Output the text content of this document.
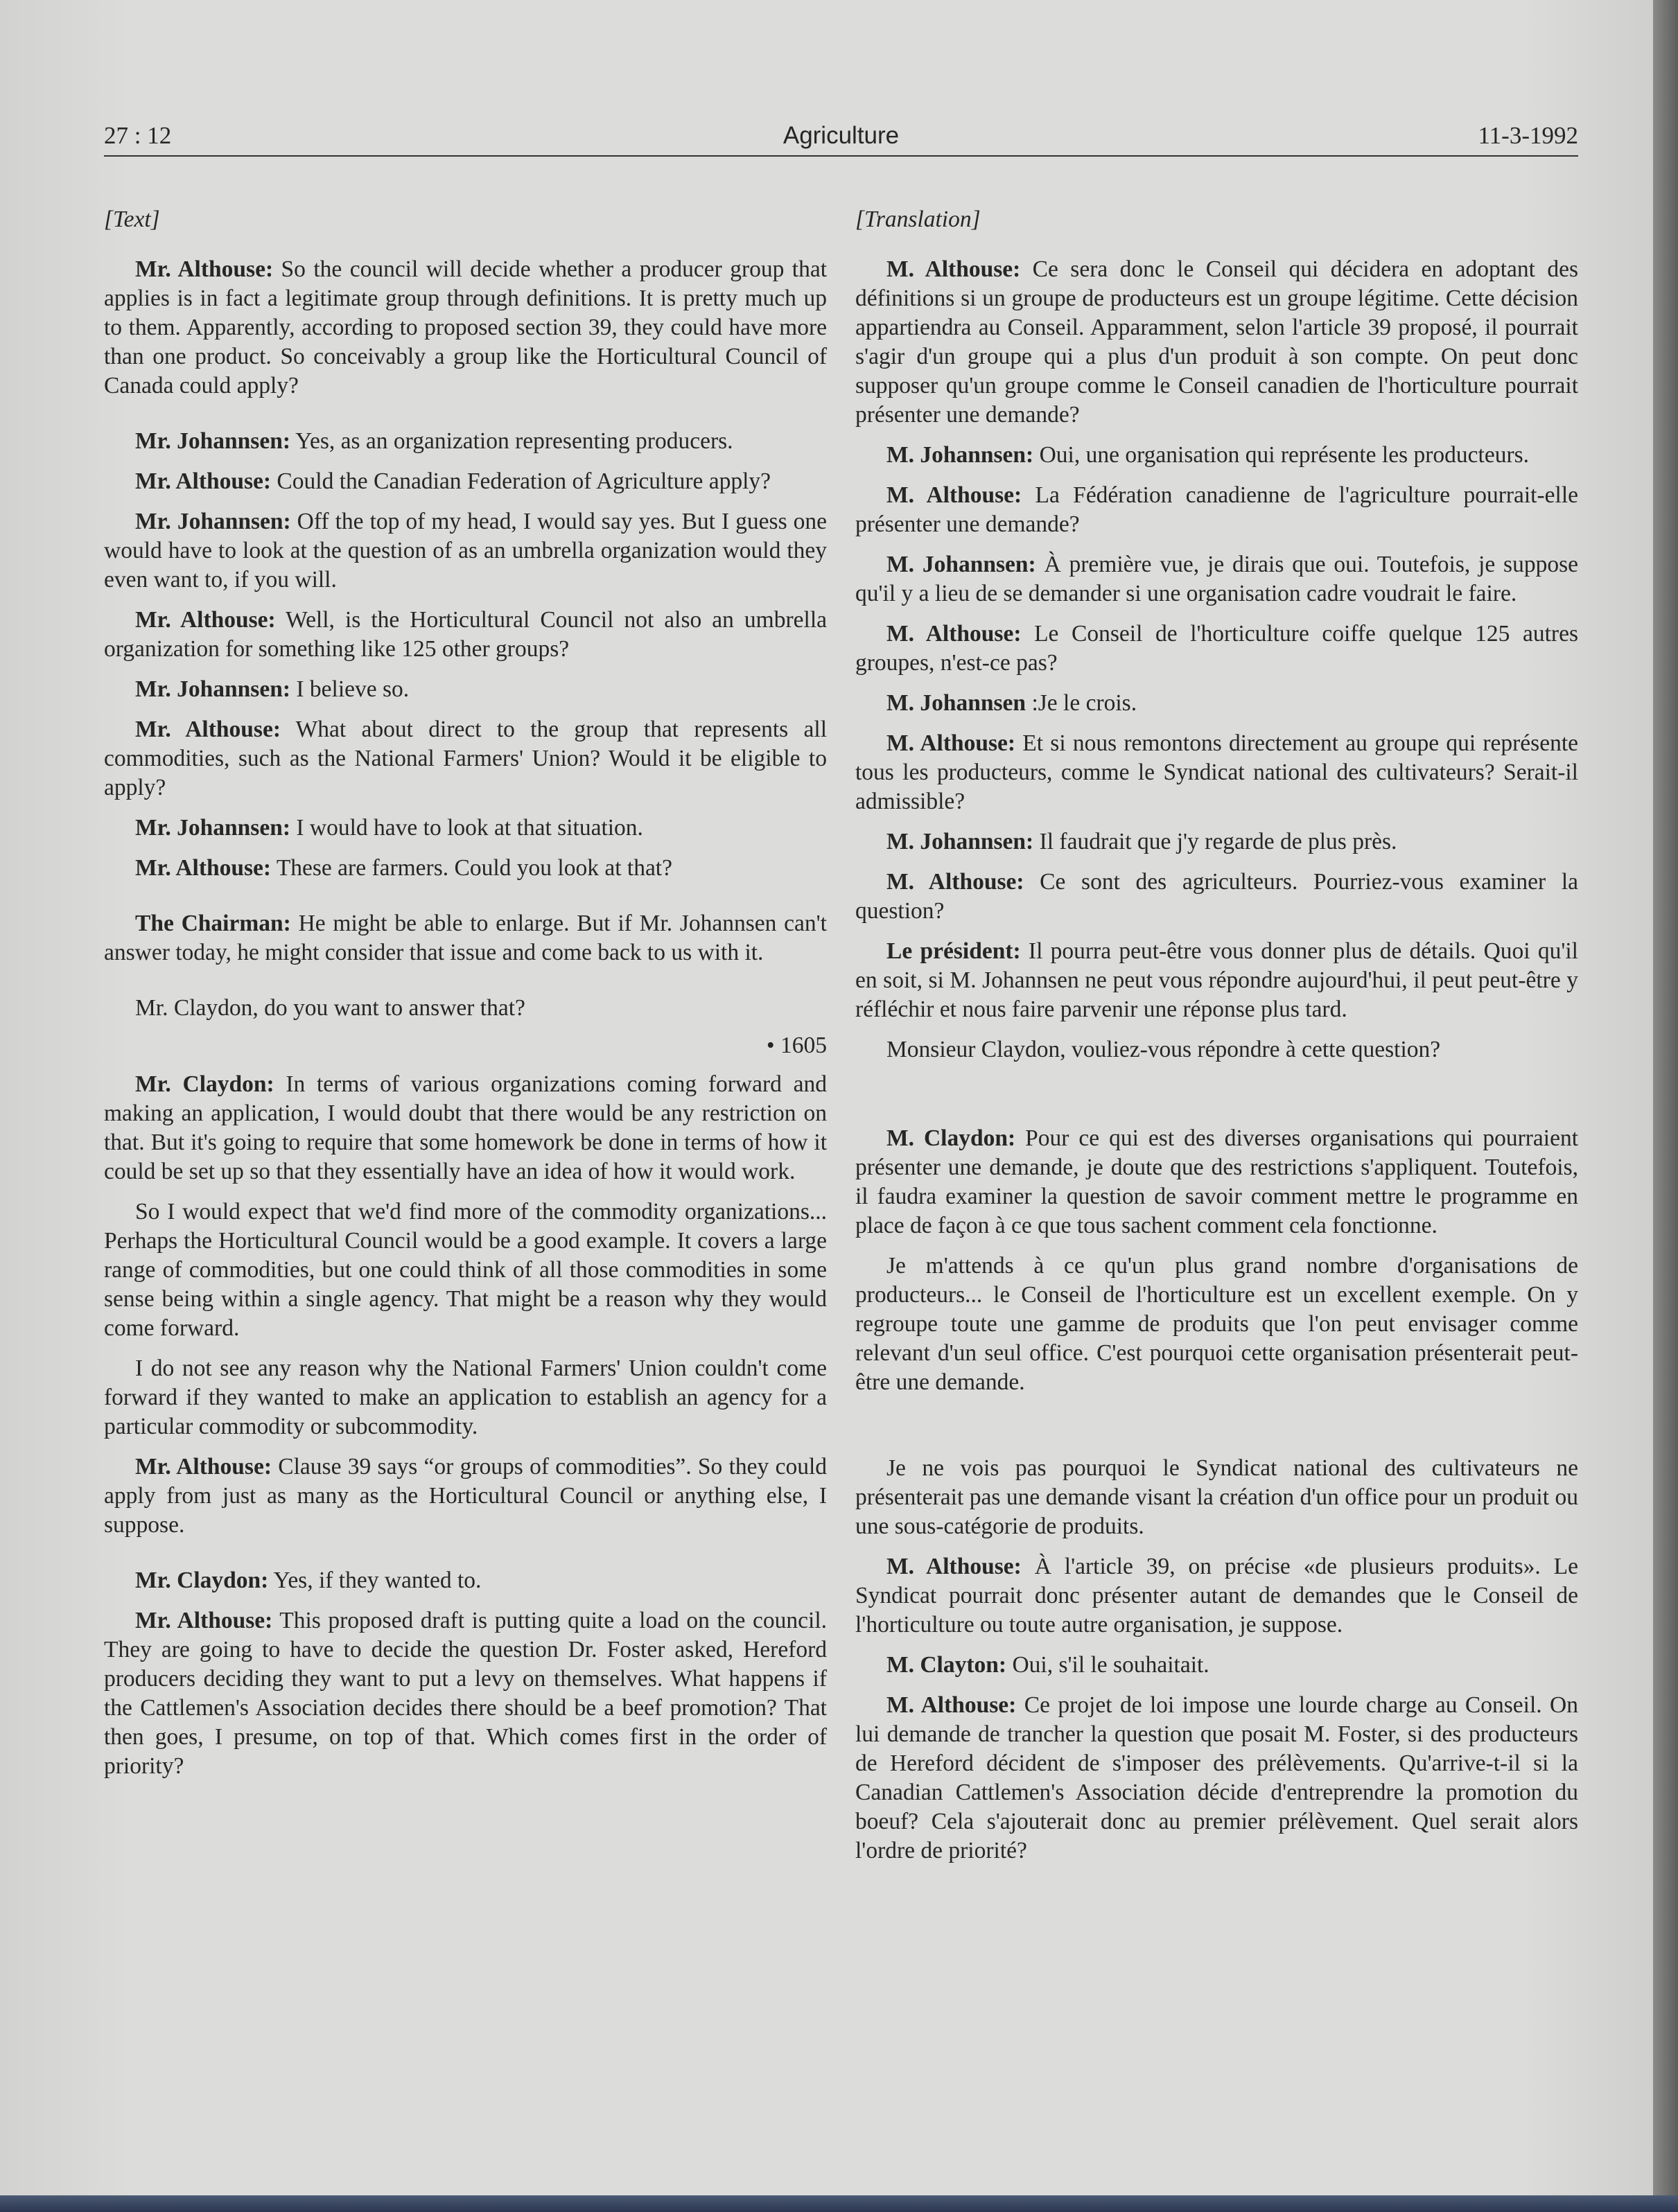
27 : 12	Agriculture	11-3-1992
[Text]
Mr. Althouse: So the council will decide whether a producer group that applies is in fact a legitimate group through definitions. It is pretty much up to them. Apparently, according to proposed section 39, they could have more than one product. So conceivably a group like the Horticultural Council of Canada could apply?
Mr. Johannsen: Yes, as an organization representing producers.
Mr. Althouse: Could the Canadian Federation of Agriculture apply?
Mr. Johannsen: Off the top of my head, I would say yes. But I guess one would have to look at the question of as an umbrella organization would they even want to, if you will.
Mr. Althouse: Well, is the Horticultural Council not also an umbrella organization for something like 125 other groups?
Mr. Johannsen: I believe so.
Mr. Althouse: What about direct to the group that represents all commodities, such as the National Farmers' Union? Would it be eligible to apply?
Mr. Johannsen: I would have to look at that situation.
Mr. Althouse: These are farmers. Could you look at that?
The Chairman: He might be able to enlarge. But if Mr. Johannsen can't answer today, he might consider that issue and come back to us with it.
Mr. Claydon, do you want to answer that?
• 1605
Mr. Claydon: In terms of various organizations coming forward and making an application, I would doubt that there would be any restriction on that. But it's going to require that some homework be done in terms of how it could be set up so that they essentially have an idea of how it would work.
So I would expect that we'd find more of the commodity organizations... Perhaps the Horticultural Council would be a good example. It covers a large range of commodities, but one could think of all those commodities in some sense being within a single agency. That might be a reason why they would come forward.
I do not see any reason why the National Farmers' Union couldn't come forward if they wanted to make an application to establish an agency for a particular commodity or subcommodity.
Mr. Althouse: Clause 39 says “or groups of commodities”. So they could apply from just as many as the Horticultural Council or anything else, I suppose.
Mr. Claydon: Yes, if they wanted to.
Mr. Althouse: This proposed draft is putting quite a load on the council. They are going to have to decide the question Dr. Foster asked, Hereford producers deciding they want to put a levy on themselves. What happens if the Cattlemen's Association decides there should be a beef promotion? That then goes, I presume, on top of that. Which comes first in the order of priority?
[Translation]
M. Althouse: Ce sera donc le Conseil qui décidera en adoptant des définitions si un groupe de producteurs est un groupe légitime. Cette décision appartiendra au Conseil. Apparamment, selon l'article 39 proposé, il pourrait s'agir d'un groupe qui a plus d'un produit à son compte. On peut donc supposer qu'un groupe comme le Conseil canadien de l'horticulture pourrait présenter une demande?
M. Johannsen: Oui, une organisation qui représente les producteurs.
M. Althouse: La Fédération canadienne de l'agriculture pourrait-elle présenter une demande?
M. Johannsen: À première vue, je dirais que oui. Toutefois, je suppose qu'il y a lieu de se demander si une organisation cadre voudrait le faire.
M. Althouse: Le Conseil de l'horticulture coiffe quelque 125 autres groupes, n'est-ce pas?
M. Johannsen :Je le crois.
M. Althouse: Et si nous remontons directement au groupe qui représente tous les producteurs, comme le Syndicat national des cultivateurs? Serait-il admissible?
M. Johannsen: Il faudrait que j'y regarde de plus près.
M. Althouse: Ce sont des agriculteurs. Pourriez-vous examiner la question?
Le président: Il pourra peut-être vous donner plus de détails. Quoi qu'il en soit, si M. Johannsen ne peut vous répondre aujourd'hui, il peut peut-être y réfléchir et nous faire parvenir une réponse plus tard.
Monsieur Claydon, vouliez-vous répondre à cette question?
M. Claydon: Pour ce qui est des diverses organisations qui pourraient présenter une demande, je doute que des restrictions s'appliquent. Toutefois, il faudra examiner la question de savoir comment mettre le programme en place de façon à ce que tous sachent comment cela fonctionne.
Je m'attends à ce qu'un plus grand nombre d'organisations de producteurs... le Conseil de l'horticulture est un excellent exemple. On y regroupe toute une gamme de produits que l'on peut envisager comme relevant d'un seul office. C'est pourquoi cette organisation présenterait peut-être une demande.
Je ne vois pas pourquoi le Syndicat national des cultivateurs ne présenterait pas une demande visant la création d'un office pour un produit ou une sous-catégorie de produits.
M. Althouse: À l'article 39, on précise «de plusieurs produits». Le Syndicat pourrait donc présenter autant de demandes que le Conseil de l'horticulture ou toute autre organisation, je suppose.
M. Clayton: Oui, s'il le souhaitait.
M. Althouse: Ce projet de loi impose une lourde charge au Conseil. On lui demande de trancher la question que posait M. Foster, si des producteurs de Hereford décident de s'imposer des prélèvements. Qu'arrive-t-il si la Canadian Cattlemen's Association décide d'entreprendre la promotion du boeuf? Cela s'ajouterait donc au premier prélèvement. Quel serait alors l'ordre de priorité?
